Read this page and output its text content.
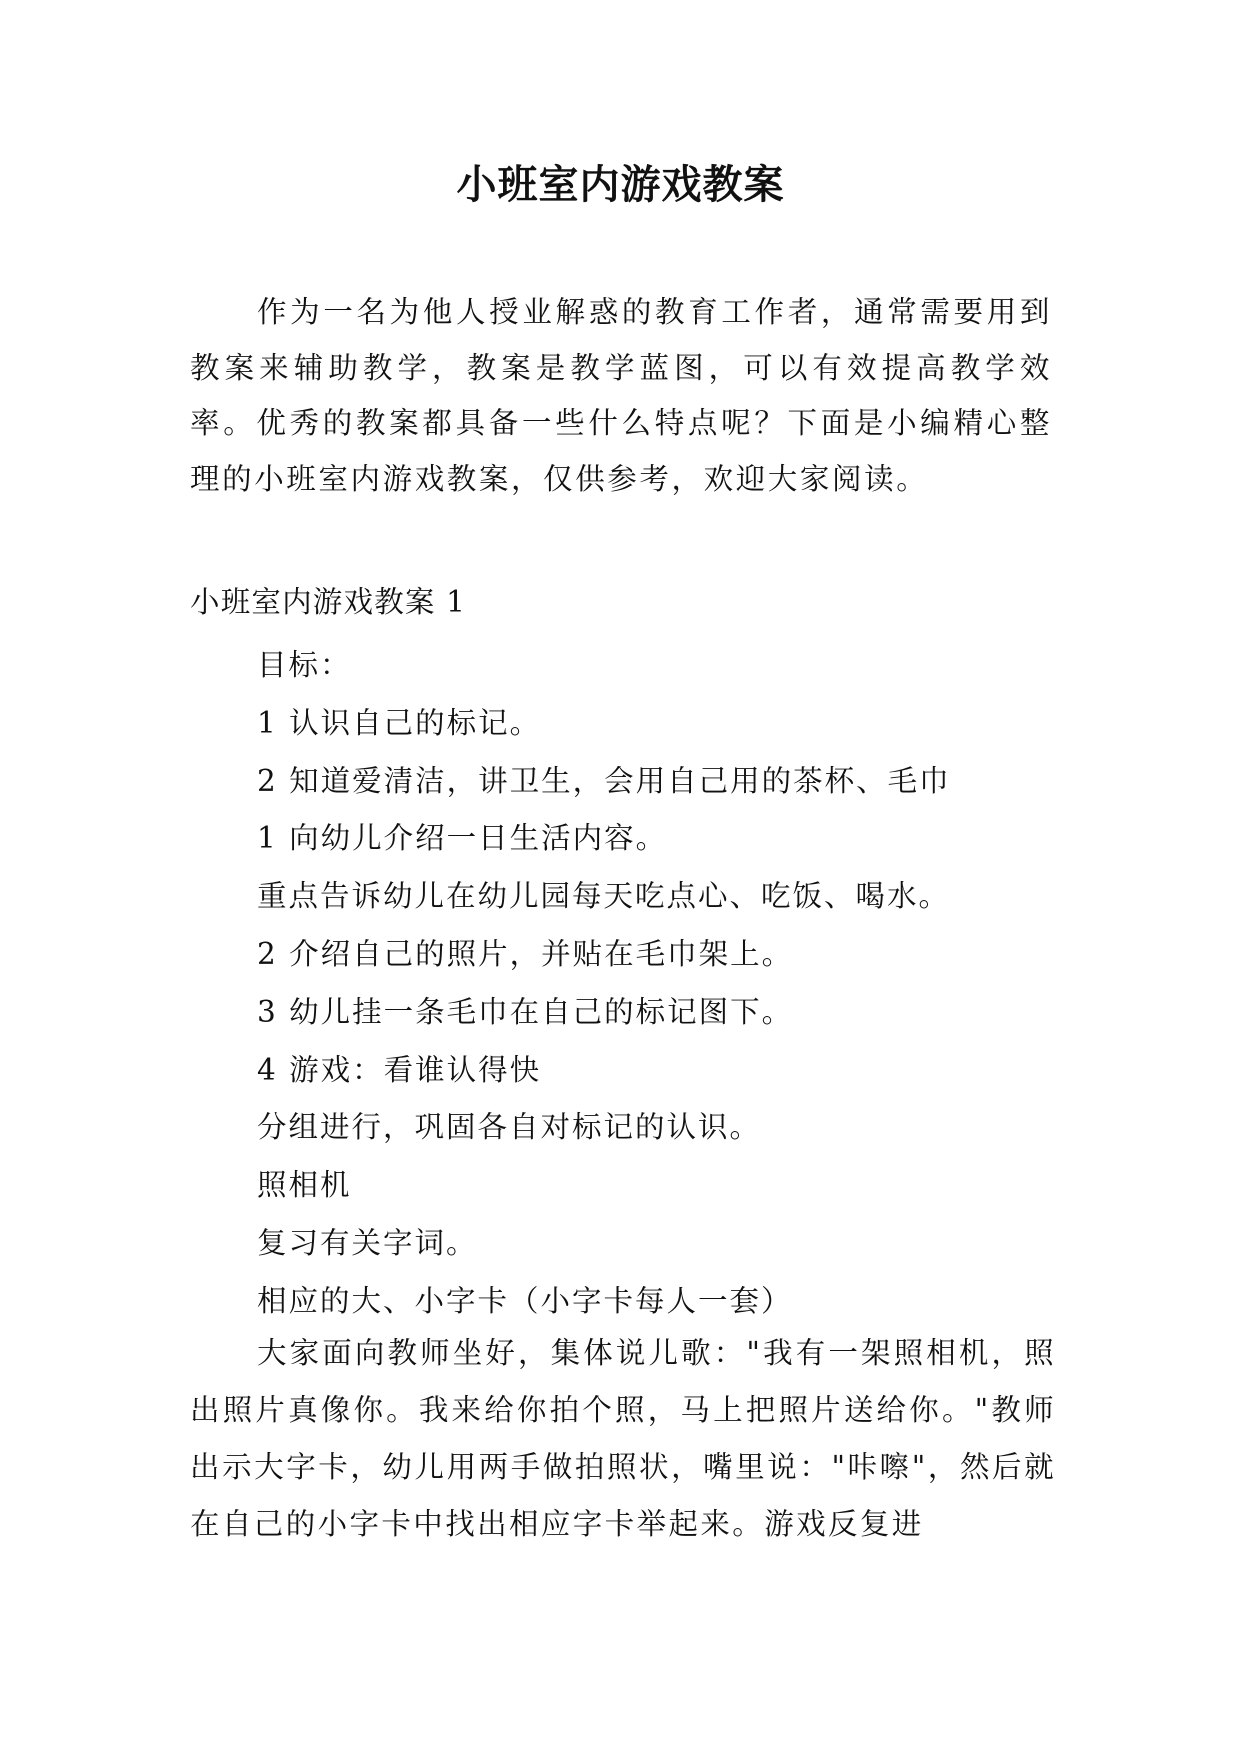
小班室内游戏教案

作为一名为他人授业解惑的教育工作者，通常需要用到教案来辅助教学，教案是教学蓝图，可以有效提高教学效率。优秀的教案都具备一些什么特点呢？下面是小编精心整理的小班室内游戏教案，仅供参考，欢迎大家阅读。

小班室内游戏教案 1
目标：
1 认识自己的标记。
2 知道爱清洁，讲卫生，会用自己用的茶杯、毛巾
1 向幼儿介绍一日生活内容。
重点告诉幼儿在幼儿园每天吃点心、吃饭、喝水。
2 介绍自己的照片，并贴在毛巾架上。
3 幼儿挂一条毛巾在自己的标记图下。
4 游戏：看谁认得快
分组进行，巩固各自对标记的认识。
照相机
复习有关字词。
相应的大、小字卡（小字卡每人一套）

大家面向教师坐好，集体说儿歌："我有一架照相机，照出照片真像你。我来给你拍个照，马上把照片送给你。"教师出示大字卡，幼儿用两手做拍照状，嘴里说："咔嚓"，然后就在自己的小字卡中找出相应字卡举起来。游戏反复进
